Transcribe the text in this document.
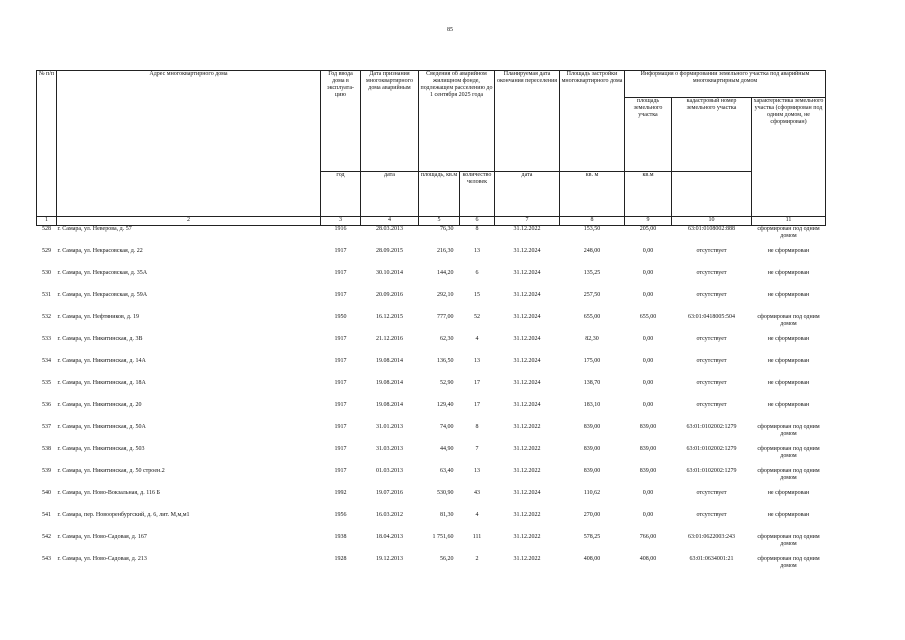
85
№ п/п	Адрес многоквартирного дома	Год ввода дома в эксплуата-цию	Дата признания многоквартирного дома аварийным	Сведения об аварийном жилищном фонде, подлежащем расселению до 1 сентября 2025 года		Планируемая дата окончания переселения	Площадь застройки многоквартирного дома	Информация о формировании земельного участка под аварийным многоквартирным домом		
								площадь земельного участка	кадастровый номер земельного участка	характеристика земельного участка (сформирован под одним домом, не сформирован)
		год	дата	площадь, кв.м	количество человек	дата	кв. м	кв.м		
1	2	3	4	5	6	7	8	9	10	11
528	г. Самара, ул. Неверова, д. 57	1916	28.03.2013	76,30	8	31.12.2022	153,50	205,00	63:01:0108002:888	сформирован под одним домом
529	г. Самара, ул. Некрасовская, д. 22	1917	28.09.2015	216,30	13	31.12.2024	248,00	0,00	отсутствует	не сформирован
530	г. Самара, ул. Некрасовская, д. 35А	1917	30.10.2014	144,20	6	31.12.2024	135,25	0,00	отсутствует	не сформирован
531	г. Самара, ул. Некрасовская, д. 59А	1917	20.09.2016	292,10	15	31.12.2024	257,50	0,00	отсутствует	не сформирован
532	г. Самара, ул. Нефтяников, д. 19	1950	16.12.2015	777,00	52	31.12.2024	655,00	655,00	63:01:0418005:504	сформирован под одним домом
533	г. Самара, ул. Никитинская, д. 3В	1917	21.12.2016	62,30	4	31.12.2024	82,30	0,00	отсутствует	не сформирован
534	г. Самара, ул. Никитинская, д. 14А	1917	19.08.2014	136,50	13	31.12.2024	175,00	0,00	отсутствует	не сформирован
535	г. Самара, ул. Никитинская, д. 18А	1917	19.08.2014	52,90	17	31.12.2024	138,70	0,00	отсутствует	не сформирован
536	г. Самара, ул. Никитинская, д. 20	1917	19.08.2014	129,40	17	31.12.2024	183,10	0,00	отсутствует	не сформирован
537	г. Самара, ул. Никитинская, д. 50А	1917	31.01.2013	74,00	8	31.12.2022	839,00	839,00	63:01:0102002:1279	сформирован под одним домом
538	г. Самара, ул. Никитинская, д. 503	1917	31.03.2013	44,90	7	31.12.2022	839,00	839,00	63:01:0102002:1279	сформирован под одним домом
539	г. Самара, ул. Никитинская, д. 50 строен.2	1917	01.03.2013	63,40	13	31.12.2022	839,00	839,00	63:01:0102002:1279	сформирован под одним домом
540	г. Самара, ул. Ново-Вокзальная, д. 116 Б	1992	19.07.2016	530,90	43	31.12.2024	110,62	0,00	отсутствует	не сформирован
541	г. Самара, пер. Новооренбургский, д. 6, лит. М,м,м1	1956	16.03.2012	81,30	4	31.12.2022	270,00	0,00	отсутствует	не сформирован
542	г. Самара, ул. Ново-Садовая, д. 167	1938	18.04.2013	1 751,60	111	31.12.2022	578,25	766,00	63:01:0622003:243	сформирован под одним домом
543	г. Самара, ул. Ново-Садовая, д. 213	1928	19.12.2013	56,20	2	31.12.2022	408,00	408,00	63:01:0634001:21	сформирован под одним домом
